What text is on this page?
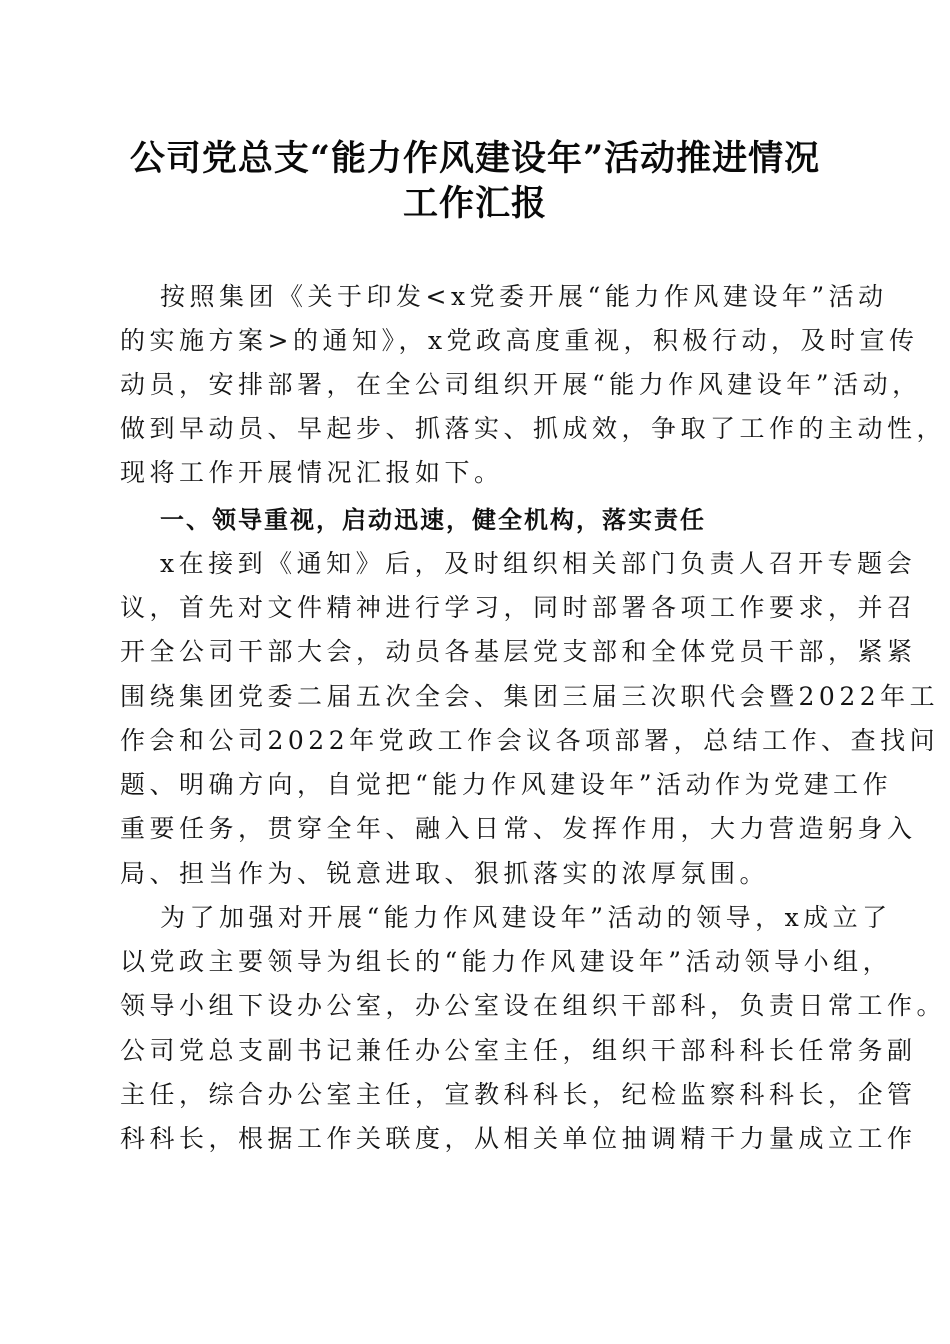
公司党总支“能力作风建设年”活动推进情况
工作汇报
按照集团《关于印发<x党委开展“能力作风建设年”活动
的实施方案>的通知》，x党政高度重视，积极行动，及时宣传
动员，安排部署，在全公司组织开展“能力作风建设年”活动，
做到早动员、早起步、抓落实、抓成效，争取了工作的主动性，
现将工作开展情况汇报如下。
一、领导重视，启动迅速，健全机构，落实责任
x在接到《通知》后，及时组织相关部门负责人召开专题会
议，首先对文件精神进行学习，同时部署各项工作要求，并召
开全公司干部大会，动员各基层党支部和全体党员干部，紧紧
围绕集团党委二届五次全会、集团三届三次职代会暨2022年工
作会和公司2022年党政工作会议各项部署，总结工作、查找问
题、明确方向，自觉把“能力作风建设年”活动作为党建工作
重要任务，贯穿全年、融入日常、发挥作用，大力营造躬身入
局、担当作为、锐意进取、狠抓落实的浓厚氛围。
为了加强对开展“能力作风建设年”活动的领导，x成立了
以党政主要领导为组长的“能力作风建设年”活动领导小组，
领导小组下设办公室，办公室设在组织干部科，负责日常工作。
公司党总支副书记兼任办公室主任，组织干部科科长任常务副
主任，综合办公室主任，宣教科科长，纪检监察科科长，企管
科科长，根据工作关联度，从相关单位抽调精干力量成立工作
